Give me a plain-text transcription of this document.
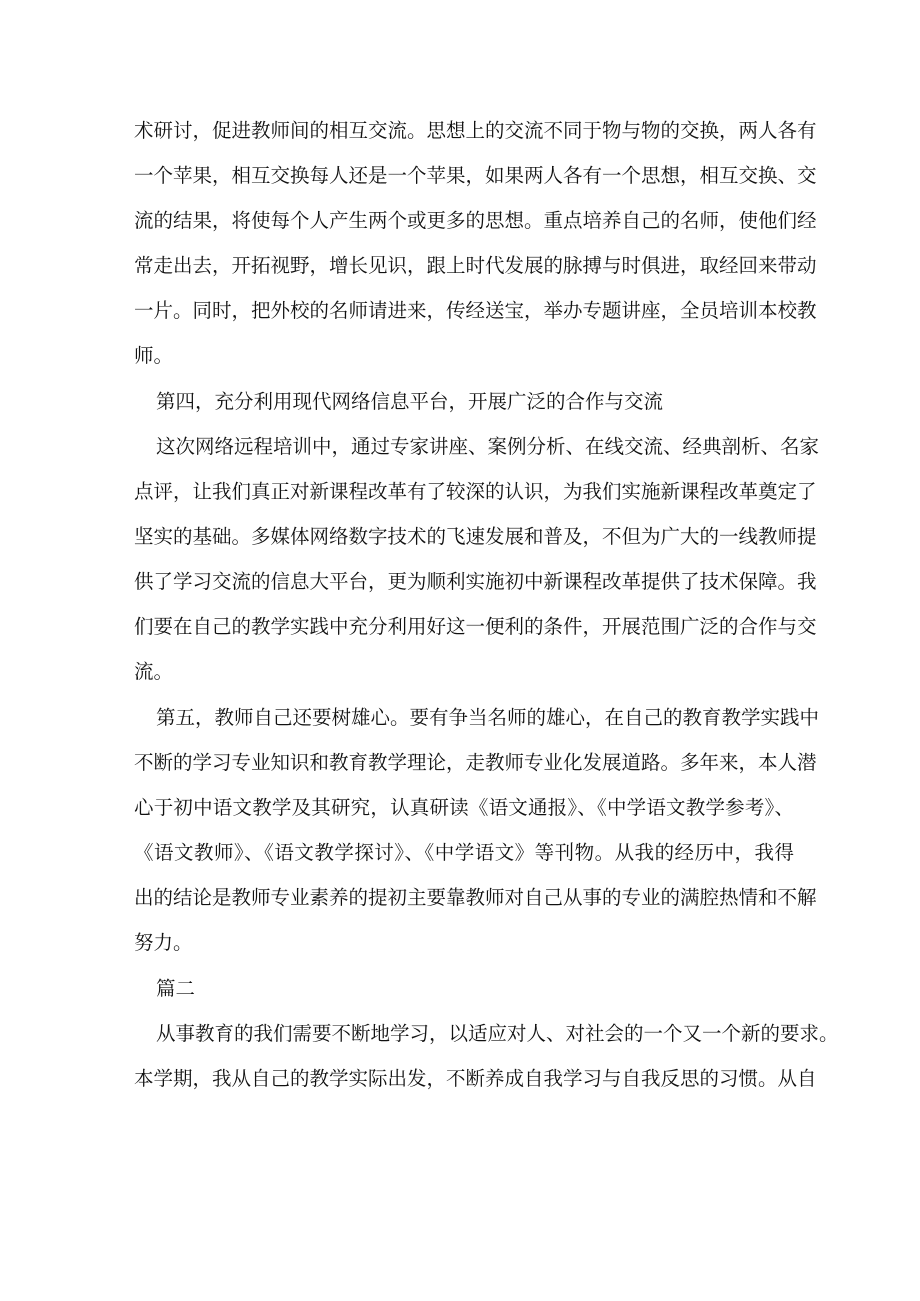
术研讨，促进教师间的相互交流。思想上的交流不同于物与物的交换，两人各有
一个苹果，相互交换每人还是一个苹果，如果两人各有一个思想，相互交换、交
流的结果，将使每个人产生两个或更多的思想。重点培养自己的名师，使他们经
常走出去，开拓视野，增长见识，跟上时代发展的脉搏与时俱进，取经回来带动
一片。同时，把外校的名师请进来，传经送宝，举办专题讲座，全员培训本校教
师。
第四，充分利用现代网络信息平台，开展广泛的合作与交流
这次网络远程培训中，通过专家讲座、案例分析、在线交流、经典剖析、名家
点评，让我们真正对新课程改革有了较深的认识，为我们实施新课程改革奠定了
坚实的基础。多媒体网络数字技术的飞速发展和普及，不但为广大的一线教师提
供了学习交流的信息大平台，更为顺利实施初中新课程改革提供了技术保障。我
们要在自己的教学实践中充分利用好这一便利的条件，开展范围广泛的合作与交
流。
第五，教师自己还要树雄心。要有争当名师的雄心，在自己的教育教学实践中
不断的学习专业知识和教育教学理论，走教师专业化发展道路。多年来，本人潜
心于初中语文教学及其研究，认真研读《语文通报》、《中学语文教学参考》、
《语文教师》、《语文教学探讨》、《中学语文》等刊物。从我的经历中，我得
出的结论是教师专业素养的提初主要靠教师对自己从事的专业的满腔热情和不解
努力。
篇二
从事教育的我们需要不断地学习，以适应对人、对社会的一个又一个新的要求。
本学期，我从自己的教学实际出发，不断养成自我学习与自我反思的习惯。从自
